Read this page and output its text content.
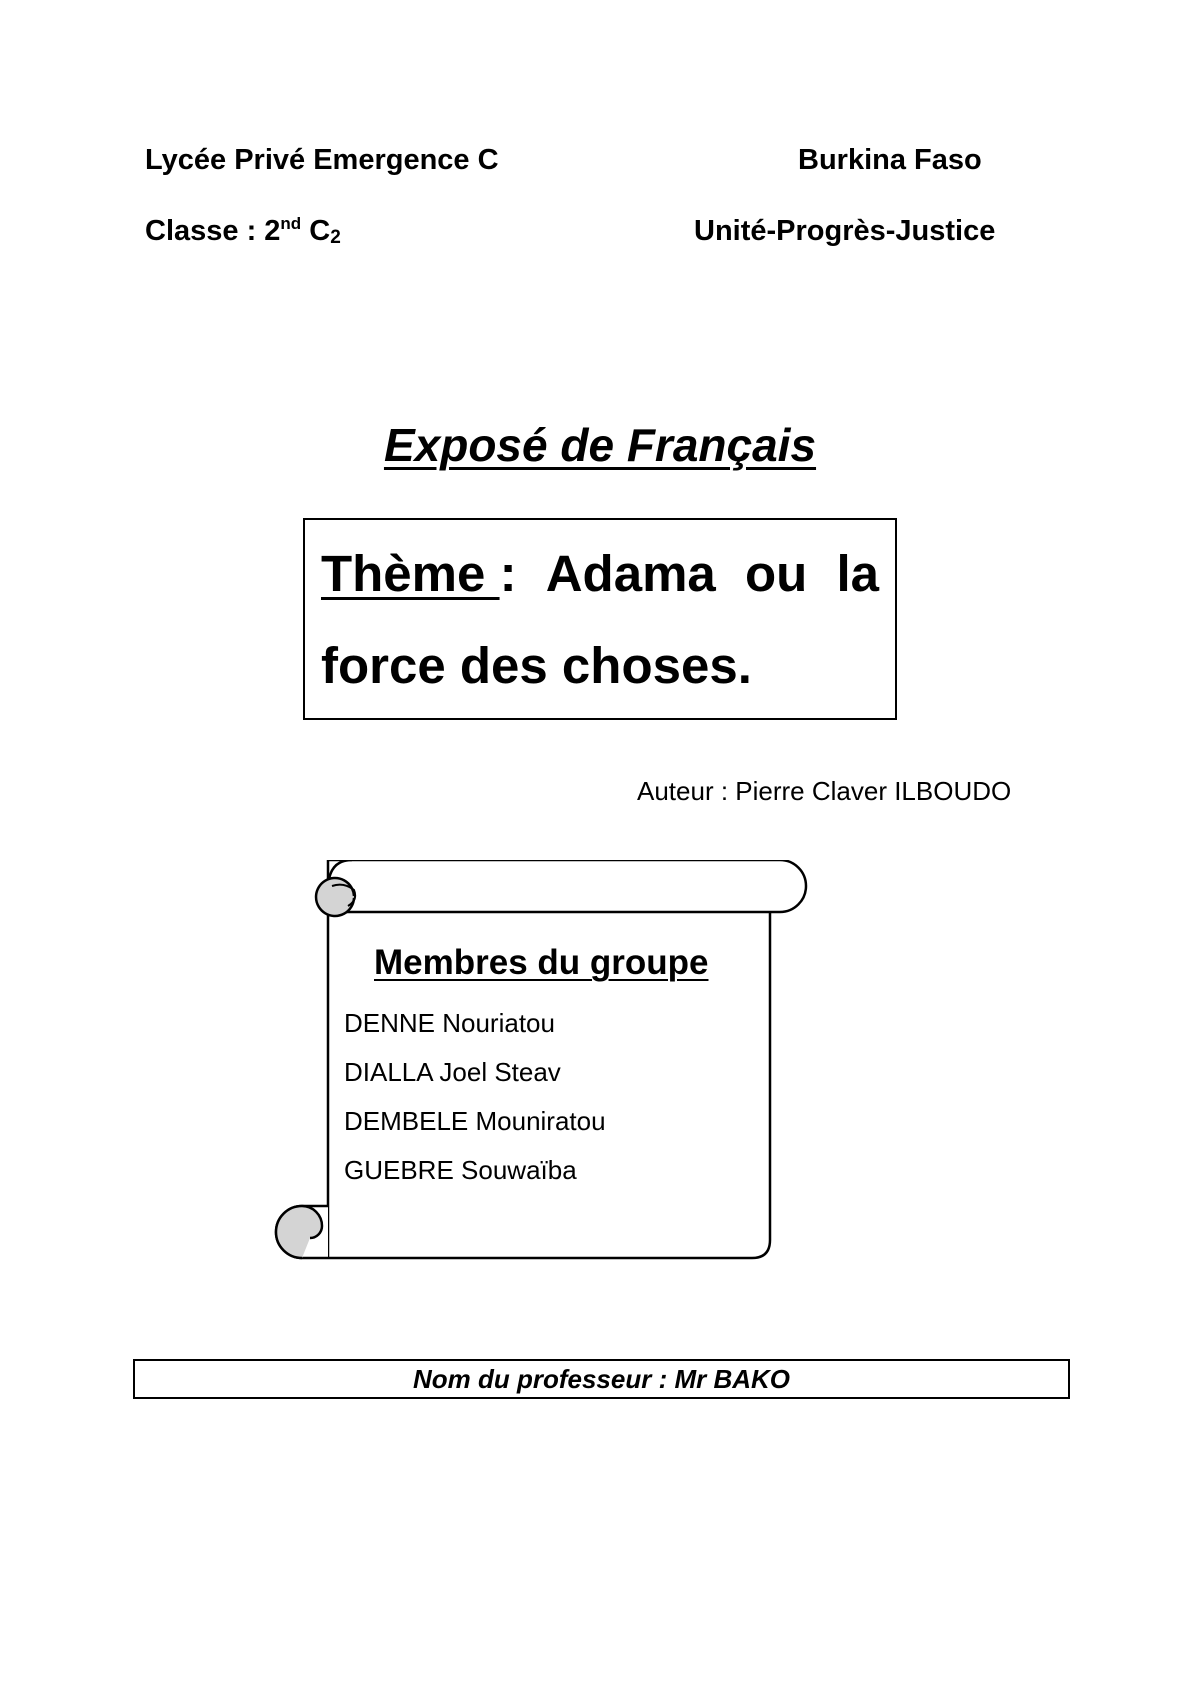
Lycée Privé Emergence C	Burkina Faso
Classe : 2nd $C_2$	Unité-Progrès-Justice
Exposé de Français
Thème : Adama ou la
force des choses.
Auteur : Pierre Claver ILBOUDO
Membres du groupe
DENNE Nouriatou
DIALLA Joel Steav
DEMBELE Mouniratou
GUEBRE Souwaïba
Nom du professeur : Mr BAKO
